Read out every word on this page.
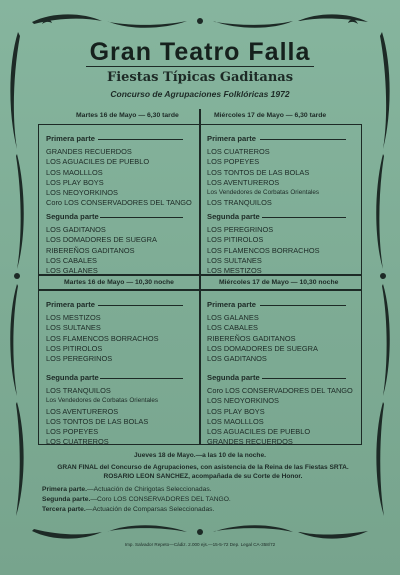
Gran Teatro Falla
Fiestas Típicas Gaditanas
Concurso de Agrupaciones Folklóricas 1972
Martes 16 de Mayo — 6,30 tarde
Primera parte
GRANDES RECUERDOS
LOS AGUACILES DE PUEBLO
LOS MAOLLLOS
LOS PLAY BOYS
LOS NEOYORKINOS
Coro LOS CONSERVADORES DEL TANGO
Segunda parte
LOS GADITANOS
LOS DOMADORES DE SUEGRA
RIBEREÑOS GADITANOS
LOS CABALES
LOS GALANES
Miércoles 17 de Mayo — 6,30 tarde
Primera parte
LOS CUATREROS
LOS POPEYES
LOS TONTOS DE LAS BOLAS
LOS AVENTUREROS
Los Vendedores de Corbatas Orientales
LOS TRANQUILOS
Segunda parte
LOS PEREGRINOS
LOS PITIROLOS
LOS FLAMENCOS BORRACHOS
LOS SULTANES
LOS MESTIZOS
Martes 16 de Mayo — 10,30 noche
Primera parte
LOS MESTIZOS
LOS SULTANES
LOS FLAMENCOS BORRACHOS
LOS PITIROLOS
LOS PEREGRINOS
Segunda parte
LOS TRANQUILOS
Los Vendedores de Corbatas Orientales
LOS AVENTUREROS
LOS TONTOS DE LAS BOLAS
LOS POPEYES
LOS CUATREROS
Miércoles 17 de Mayo — 10,30 noche
Primera parte
LOS GALANES
LOS CABALES
RIBEREÑOS GADITANOS
LOS DOMADORES DE SUEGRA
LOS GADITANOS
Segunda parte
Coro LOS CONSERVADORES DEL TANGO
LOS NEOYORKINOS
LOS PLAY BOYS
LOS MAOLLLOS
LOS AGUACILES DE PUEBLO
GRANDES RECUERDOS
Jueves 18 de Mayo.—a las 10 de la noche.
GRAN FINAL del Concurso de Agrupaciones, con asistencia de la Reina de las Fiestas SRTA. ROSARIO LEON SANCHEZ, acompañada de su Corte de Honor.
Primera parte.—Actuación de Chirigotas Seleccionadas.
Segunda parte.—Coro LOS CONSERVADORES DEL TANGO.
Tercera parte.—Actuación de Comparsas Seleccionadas.
Imp. Salvador Repeto—Cádiz. 2.000 ejs.—15-5-72 Dep. Legal CA-358/72
